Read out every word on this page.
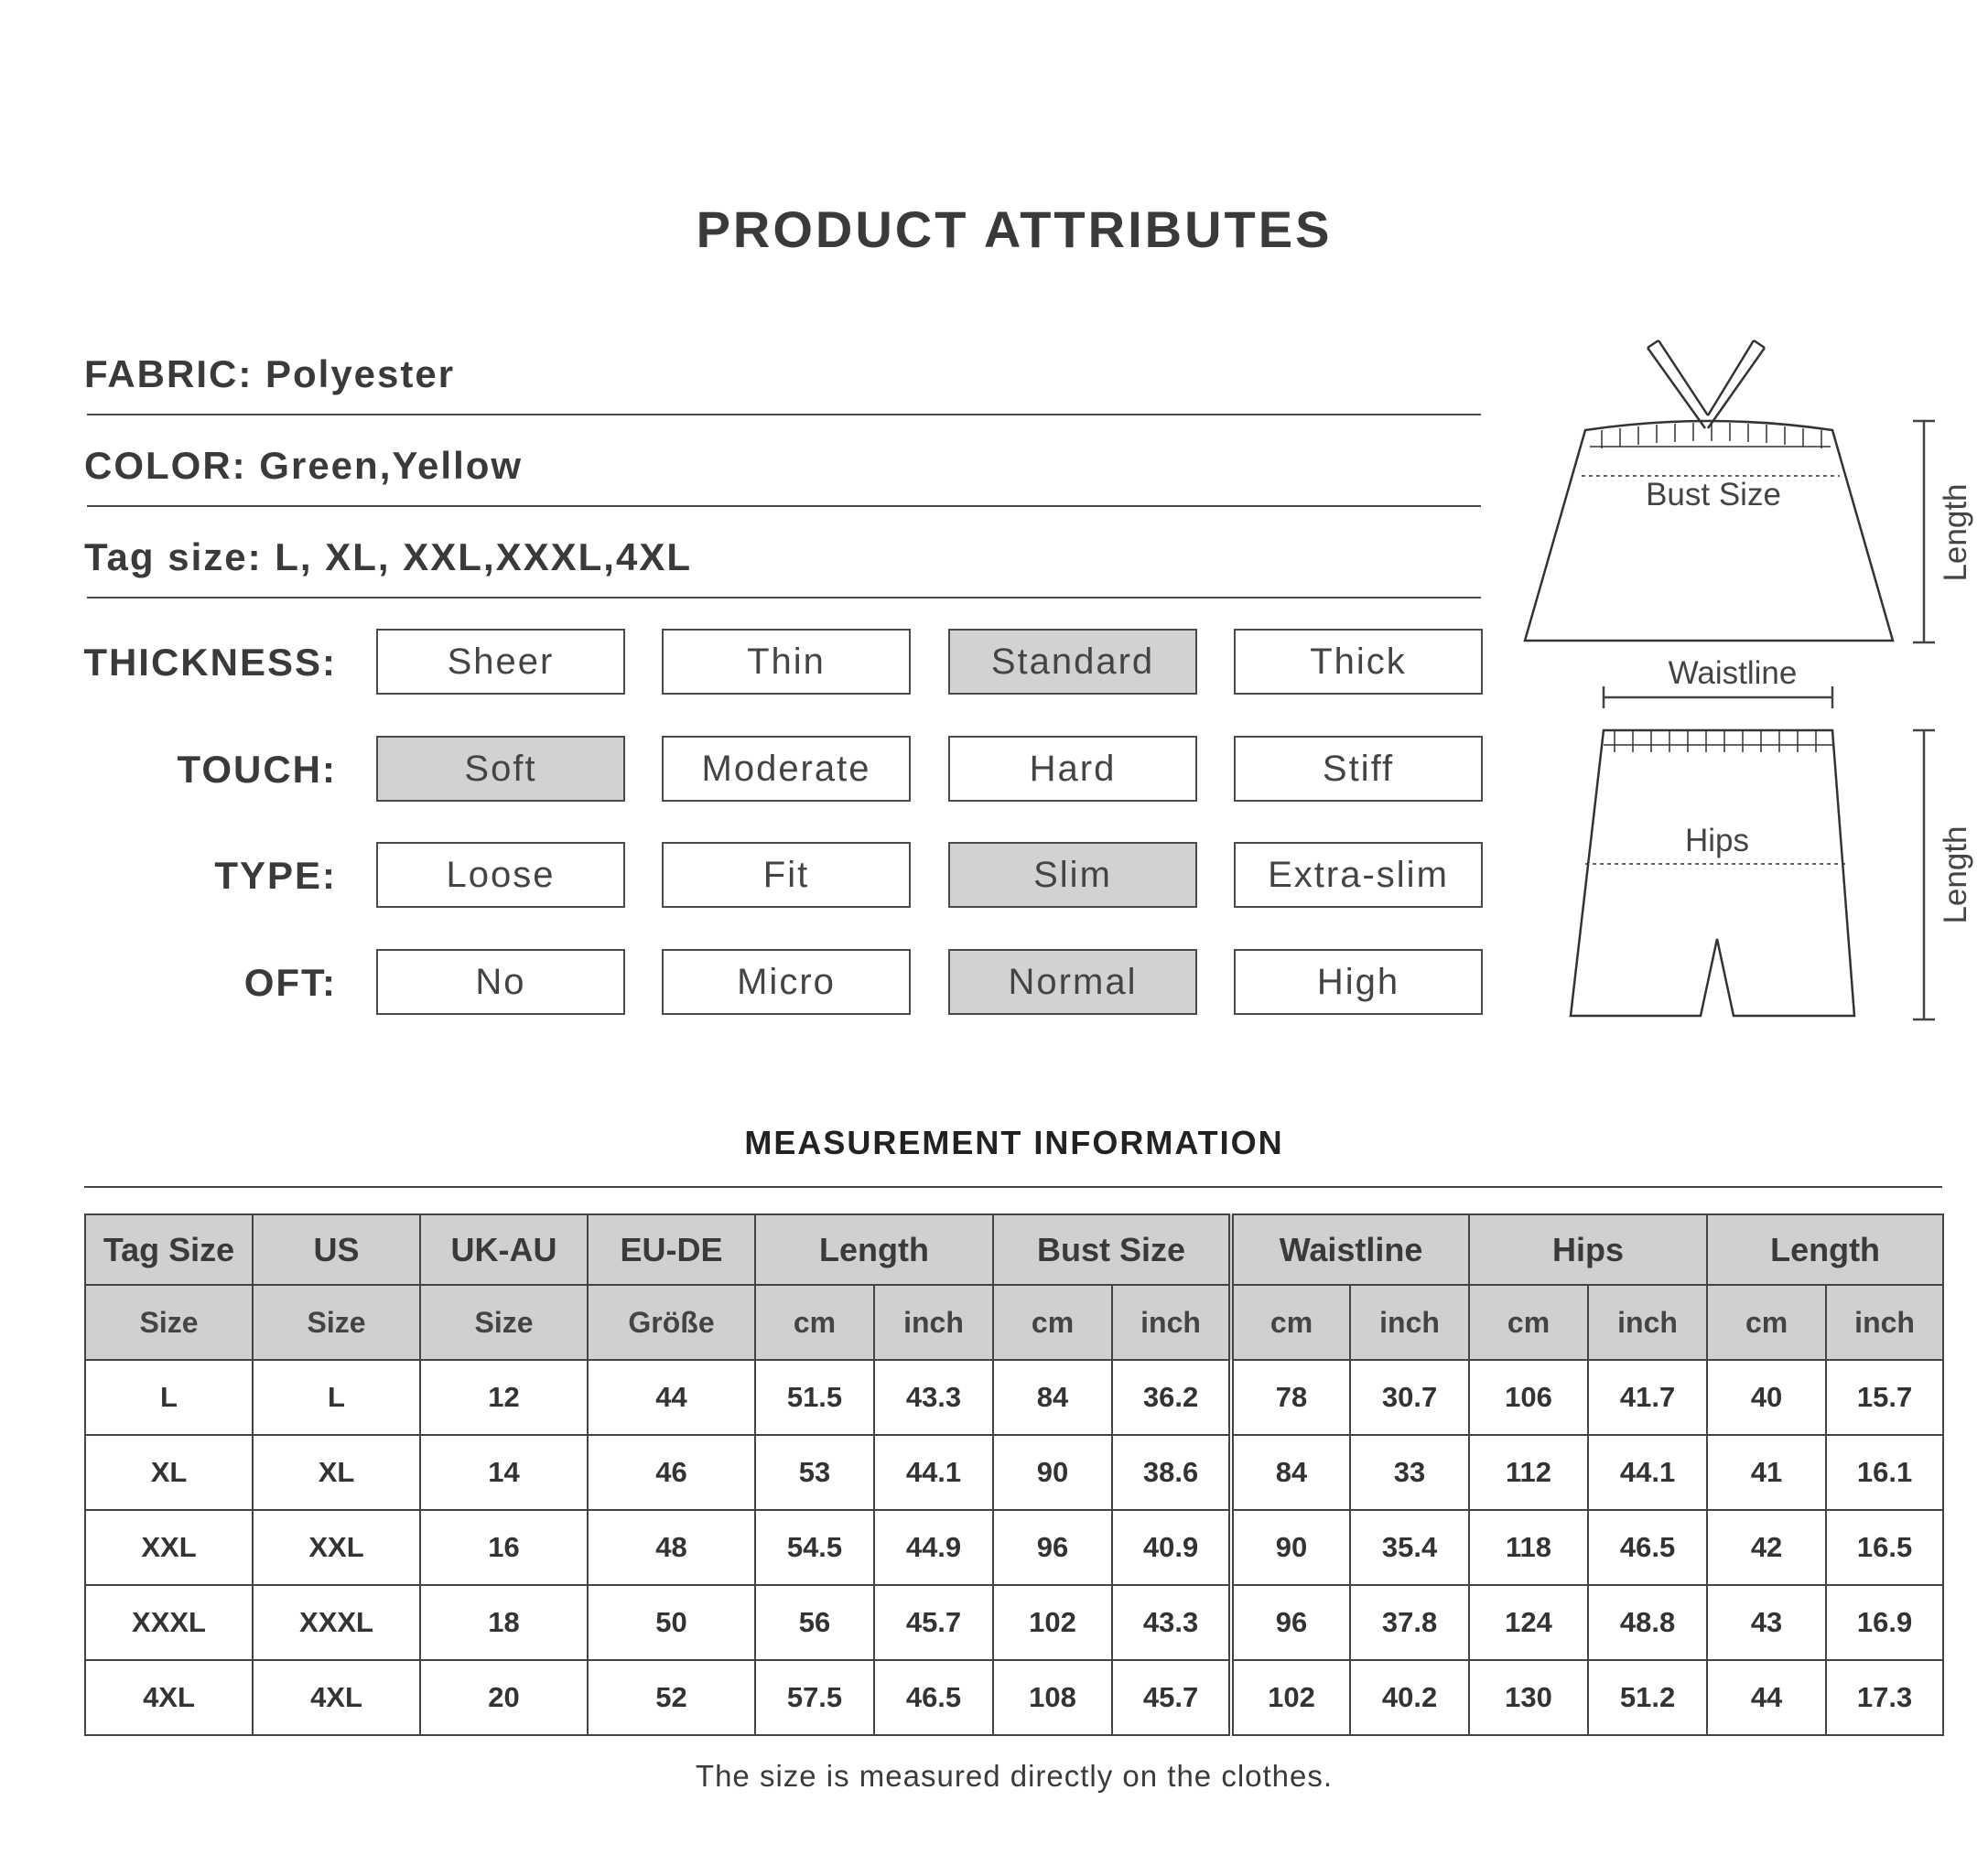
PRODUCT ATTRIBUTES
FABRIC: Polyester
COLOR: Green,Yellow
Tag size: L, XL, XXL,XXXL,4XL
THICKNESS:	Sheer	Thin	Standard	Thick
TOUCH:	Soft	Moderate	Hard	Stiff
TYPE:	Loose	Fit	Slim	Extra-slim
OFT:	No	Micro	Normal	High
Bust Size	Length
Waistline
Hips	Length
MEASUREMENT INFORMATION
Tag Size	US	UK-AU	EU-DE	Length		Bust Size		Waistline		Hips		Length	
Size	Size	Size	Größe	cm	inch	cm	inch	cm	inch	cm	inch	cm	inch
L	L	12	44	51.5	43.3	84	36.2	78	30.7	106	41.7	40	15.7
XL	XL	14	46	53	44.1	90	38.6	84	33	112	44.1	41	16.1
XXL	XXL	16	48	54.5	44.9	96	40.9	90	35.4	118	46.5	42	16.5
XXXL	XXXL	18	50	56	45.7	102	43.3	96	37.8	124	48.8	43	16.9
4XL	4XL	20	52	57.5	46.5	108	45.7	102	40.2	130	51.2	44	17.3
The size is measured directly on the clothes.
